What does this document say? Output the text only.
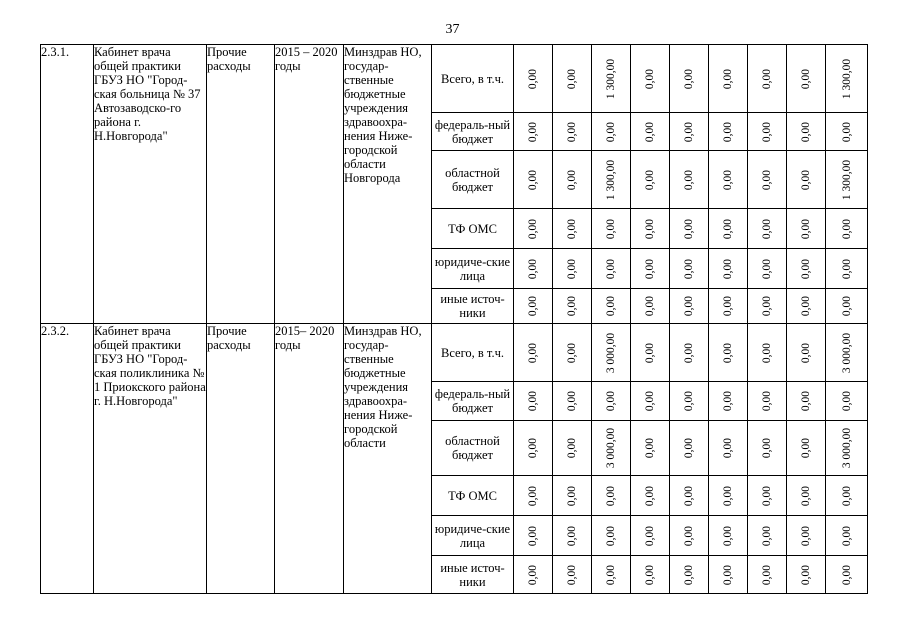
37
2.3.1.	Кабинет врача общей практики ГБУЗ НО "Город-ская больница № 37 Автозаводско-го района г. Н.Новгорода"	Прочие расходы	2015 – 2020 годы	Минздрав НО, государ-ственные бюджетные учреждения здравоохра-нения Ниже-городской области Новгорода	Всего, в т.ч.	0,00	0,00	1 300,00	0,00	0,00	0,00	0,00	0,00	1 300,00

					федераль-ный бюджет	0,00	0,00	0,00	0,00	0,00	0,00	0,00	0,00	0,00

					областной бюджет	0,00	0,00	1 300,00	0,00	0,00	0,00	0,00	0,00	1 300,00

					ТФ ОМС	0,00	0,00	0,00	0,00	0,00	0,00	0,00	0,00	0,00

					юридиче-ские лица	0,00	0,00	0,00	0,00	0,00	0,00	0,00	0,00	0,00

					иные источ-ники	0,00	0,00	0,00	0,00	0,00	0,00	0,00	0,00	0,00

2.3.2.	Кабинет врача общей практики ГБУЗ НО "Город-ская поликлиника № 1 Приокского района г. Н.Новгорода"	Прочие расходы	2015– 2020 годы	Минздрав НО, государ-ственные бюджетные учреждения здравоохра-нения Ниже-городской области	Всего, в т.ч.	0,00	0,00	3 000,00	0,00	0,00	0,00	0,00	0,00	3 000,00

					федераль-ный бюджет	0,00	0,00	0,00	0,00	0,00	0,00	0,00	0,00	0,00

					областной бюджет	0,00	0,00	3 000,00	0,00	0,00	0,00	0,00	0,00	3 000,00

					ТФ ОМС	0,00	0,00	0,00	0,00	0,00	0,00	0,00	0,00	0,00

					юридиче-ские лица	0,00	0,00	0,00	0,00	0,00	0,00	0,00	0,00	0,00

					иные источ-ники	0,00	0,00	0,00	0,00	0,00	0,00	0,00	0,00	0,00
